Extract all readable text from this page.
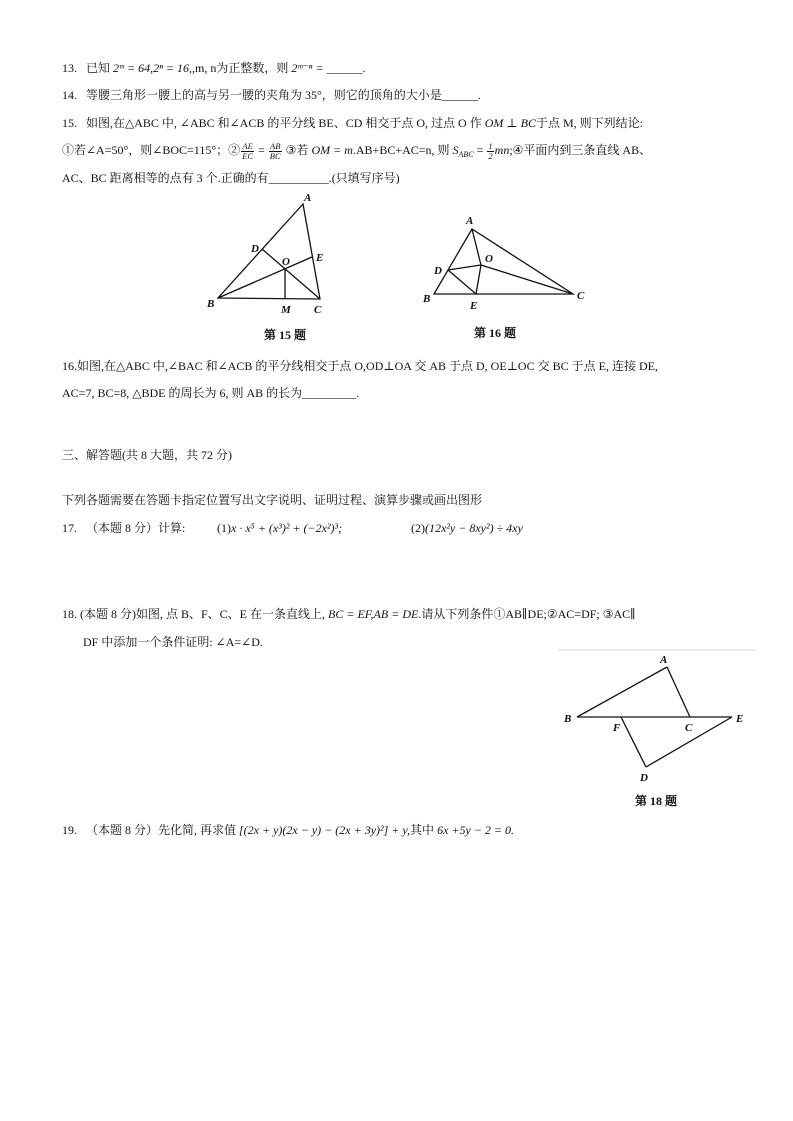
13. 已知 2ᵐ = 64,2ⁿ = 16,,m, n为正整数，则 2ᵐ⁻ⁿ = ______.
14. 等腰三角形一腰上的高与另一腰的夹角为 35°，则它的顶角的大小是______.
15. 如图,在△ABC 中, ∠ABC 和∠ACB 的平分线 BE、CD 相交于点 O, 过点 O 作 OM ⊥ BC于点 M, 则下列结论:
①若∠A=50°，则∠BOC=115°；② $\frac{AE}{EC} = \frac{AB}{BC}$ ③若 OM = m.AB+BC+AC=n, 则 $S_{ABC} = \frac{1}{2}$ mn;④平面内到三条直线 AB、
AC、BC 距离相等的点有 3 个.正确的有__________.(只填写序号)
16.如图,在△ABC 中,∠BAC 和∠ACB 的平分线相交于点 O,OD⊥OA 交 AB 于点 D, OE⊥OC 交 BC 于点 E, 连接 DE,
AC=7, BC=8, △BDE 的周长为 6, 则 AB 的长为_________.
三、解答题(共 8 大题，共 72 分)
下列各题需要在答题卡指定位置写出文字说明、证明过程、演算步骤或画出图形
17. （本题 8 分）计算:	(1)x · x⁵ + (x³)² + (−2x²)³;	(2)(12x²y − 8xy²) ÷ 4xy
18. (本题 8 分)如图, 点 B、F、C、E 在一条直线上, BC = EF,AB = DE.请从下列条件①AB∥DE;②AC=DF; ③AC∥
DF 中添加一个条件证明: ∠A=∠D.
19. （本题 8 分）先化简, 再求值 [(2x + y)(2x − y) − (2x + 3y)²] + y,其中 6x +5y − 2 = 0.
A
D
E
O
B	M C
第 15 题
A
D
O
B
E
C
第 16 题
A
B
F	C
E
D
第 18 题
